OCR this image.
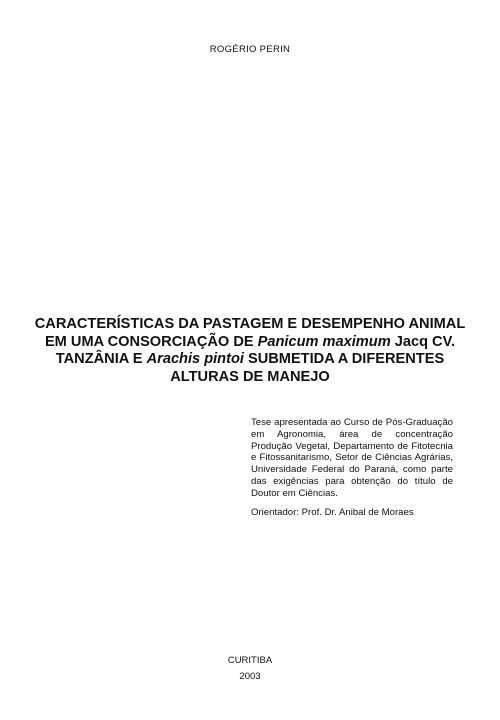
ROGÉRIO PERIN
CARACTERÍSTICAS DA PASTAGEM E DESEMPENHO ANIMAL
EM UMA CONSORCIAÇÃO DE Panicum maximum Jacq CV.
TANZÂNIA E Arachis pintoi SUBMETIDA A DIFERENTES
ALTURAS DE MANEJO

Tese apresentada ao Curso de Pós-Graduação em Agronomia, área de concentração Produção Vegetal, Departamento de Fitotecnia e Fitossanitarismo, Setor de Ciências Agrárias, Universidade Federal do Paraná, como parte das exigências para obtenção do título de Doutor em Ciências.

Orientador: Prof. Dr. Anibal de Moraes

CURITIBA
2003
